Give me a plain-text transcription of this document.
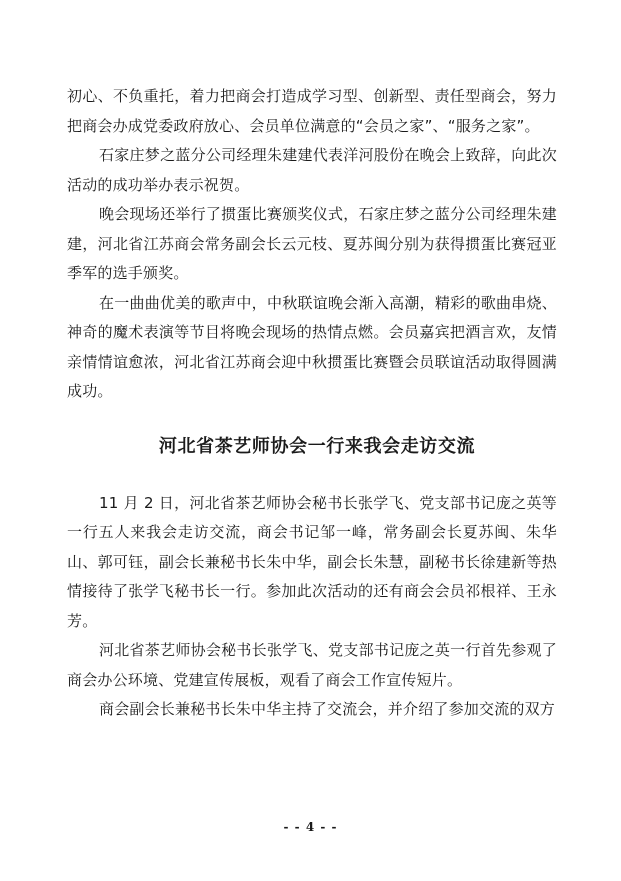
初心、不负重托，着力把商会打造成学习型、创新型、责任型商会，努力把商会办成党委政府放心、会员单位满意的“会员之家”、“服务之家”。

石家庄梦之蓝分公司经理朱建建代表洋河股份在晚会上致辞，向此次活动的成功举办表示祝贺。

晚会现场还举行了掼蛋比赛颁奖仪式，石家庄梦之蓝分公司经理朱建建，河北省江苏商会常务副会长云元枝、夏苏闽分别为获得掼蛋比赛冠亚季军的选手颁奖。

在一曲曲优美的歌声中，中秋联谊晚会渐入高潮，精彩的歌曲串烧、神奇的魔术表演等节目将晚会现场的热情点燃。会员嘉宾把酒言欢，友情亲情情谊愈浓，河北省江苏商会迎中秋掼蛋比赛暨会员联谊活动取得圆满成功。

河北省茶艺师协会一行来我会走访交流

11 月 2 日，河北省茶艺师协会秘书长张学飞、党支部书记庞之英等一行五人来我会走访交流，商会书记邹一峰，常务副会长夏苏闽、朱华山、郭可钰，副会长兼秘书长朱中华，副会长朱慧，副秘书长徐建新等热情接待了张学飞秘书长一行。参加此次活动的还有商会会员祁根祥、王永芳。

河北省茶艺师协会秘书长张学飞、党支部书记庞之英一行首先参观了商会办公环境、党建宣传展板，观看了商会工作宣传短片。

商会副会长兼秘书长朱中华主持了交流会，并介绍了参加交流的双方

- - 4 - -
